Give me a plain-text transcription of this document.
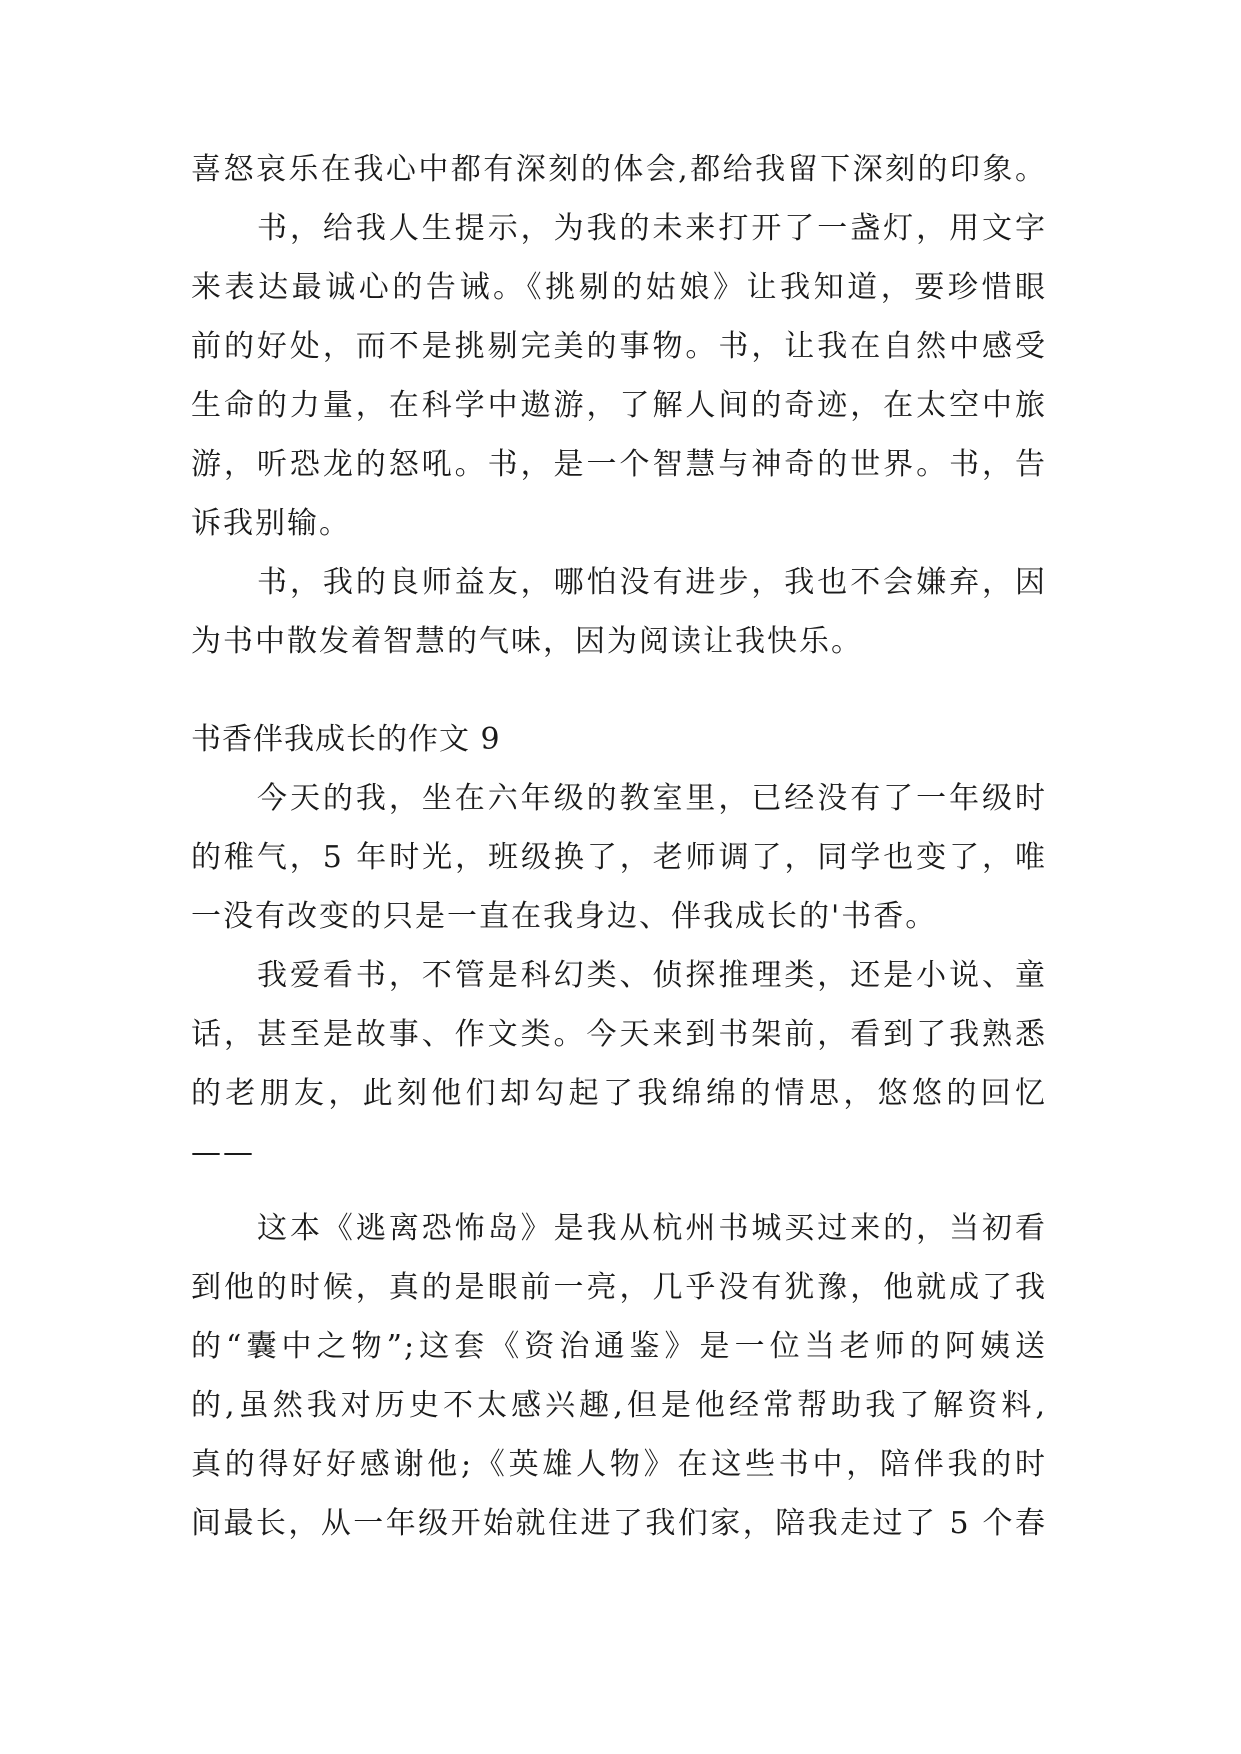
喜怒哀乐在我心中都有深刻的体会,都给我留下深刻的印象。

书，给我人生提示，为我的未来打开了一盏灯，用文字

来表达最诚心的告诫。《挑剔的姑娘》让我知道，要珍惜眼

前的好处，而不是挑剔完美的事物。书，让我在自然中感受

生命的力量，在科学中遨游，了解人间的奇迹，在太空中旅

游，听恐龙的怒吼。书，是一个智慧与神奇的世界。书，告

诉我别输。

书，我的良师益友，哪怕没有进步，我也不会嫌弃，因

为书中散发着智慧的气味，因为阅读让我快乐。

书香伴我成长的作文 9

今天的我，坐在六年级的教室里，已经没有了一年级时

的稚气，5 年时光，班级换了，老师调了，同学也变了，唯

一没有改变的只是一直在我身边、伴我成长的'书香。

我爱看书，不管是科幻类、侦探推理类，还是小说、童

话，甚至是故事、作文类。今天来到书架前，看到了我熟悉

的老朋友，此刻他们却勾起了我绵绵的情思，悠悠的回忆

——

这本《逃离恐怖岛》是我从杭州书城买过来的，当初看

到他的时候，真的是眼前一亮，几乎没有犹豫，他就成了我

的“囊中之物”;这套《资治通鉴》是一位当老师的阿姨送

的,虽然我对历史不太感兴趣,但是他经常帮助我了解资料,

真的得好好感谢他;《英雄人物》在这些书中，陪伴我的时

间最长，从一年级开始就住进了我们家，陪我走过了 5 个春
